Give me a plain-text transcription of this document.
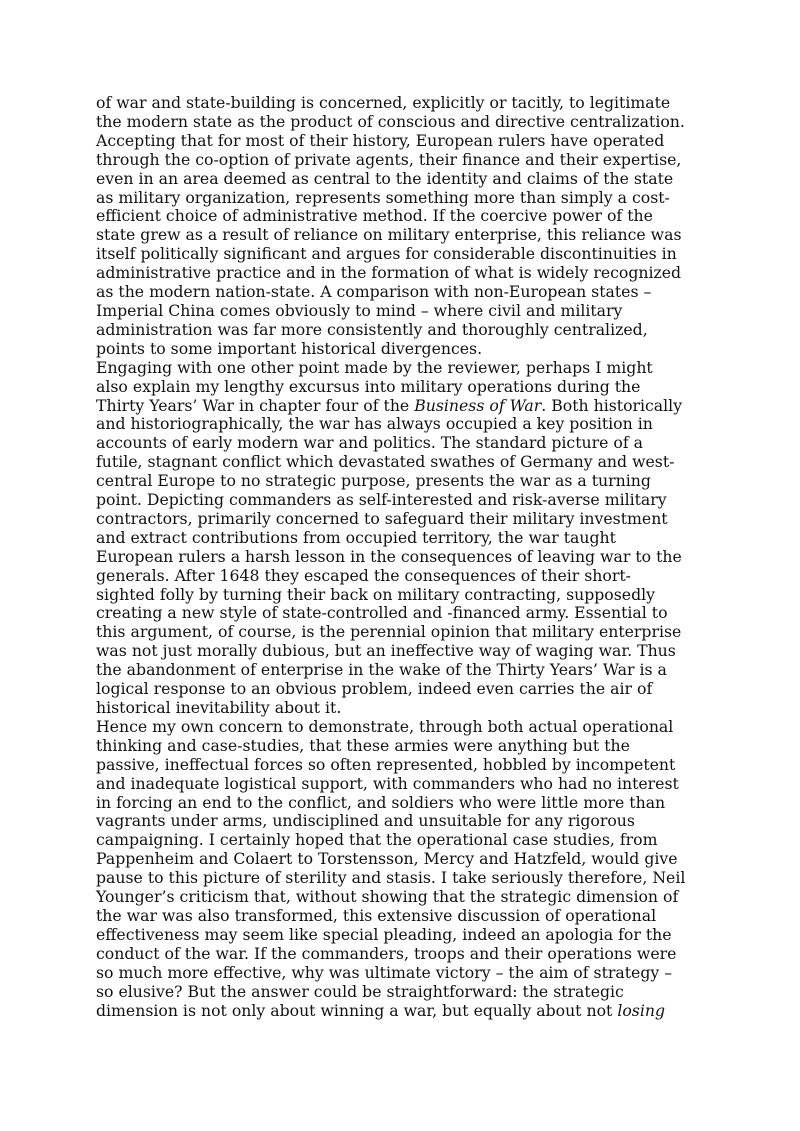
of war and state-building is concerned, explicitly or tacitly, to legitimate
the modern state as the product of conscious and directive centralization.
Accepting that for most of their history, European rulers have operated
through the co-option of private agents, their finance and their expertise,
even in an area deemed as central to the identity and claims of the state
as military organization, represents something more than simply a cost-
efficient choice of administrative method. If the coercive power of the
state grew as a result of reliance on military enterprise, this reliance was
itself politically significant and argues for considerable discontinuities in
administrative practice and in the formation of what is widely recognized
as the modern nation-state. A comparison with non-European states –
Imperial China comes obviously to mind – where civil and military
administration was far more consistently and thoroughly centralized,
points to some important historical divergences.
Engaging with one other point made by the reviewer, perhaps I might
also explain my lengthy excursus into military operations during the
Thirty Years’ War in chapter four of the Business of War. Both historically
and historiographically, the war has always occupied a key position in
accounts of early modern war and politics. The standard picture of a
futile, stagnant conflict which devastated swathes of Germany and west-
central Europe to no strategic purpose, presents the war as a turning
point. Depicting commanders as self-interested and risk-averse military
contractors, primarily concerned to safeguard their military investment
and extract contributions from occupied territory, the war taught
European rulers a harsh lesson in the consequences of leaving war to the
generals. After 1648 they escaped the consequences of their short-
sighted folly by turning their back on military contracting, supposedly
creating a new style of state-controlled and -financed army. Essential to
this argument, of course, is the perennial opinion that military enterprise
was not just morally dubious, but an ineffective way of waging war. Thus
the abandonment of enterprise in the wake of the Thirty Years’ War is a
logical response to an obvious problem, indeed even carries the air of
historical inevitability about it.
Hence my own concern to demonstrate, through both actual operational
thinking and case-studies, that these armies were anything but the
passive, ineffectual forces so often represented, hobbled by incompetent
and inadequate logistical support, with commanders who had no interest
in forcing an end to the conflict, and soldiers who were little more than
vagrants under arms, undisciplined and unsuitable for any rigorous
campaigning. I certainly hoped that the operational case studies, from
Pappenheim and Colaert to Torstensson, Mercy and Hatzfeld, would give
pause to this picture of sterility and stasis. I take seriously therefore, Neil
Younger’s criticism that, without showing that the strategic dimension of
the war was also transformed, this extensive discussion of operational
effectiveness may seem like special pleading, indeed an apologia for the
conduct of the war. If the commanders, troops and their operations were
so much more effective, why was ultimate victory – the aim of strategy –
so elusive? But the answer could be straightforward: the strategic
dimension is not only about winning a war, but equally about not losing
